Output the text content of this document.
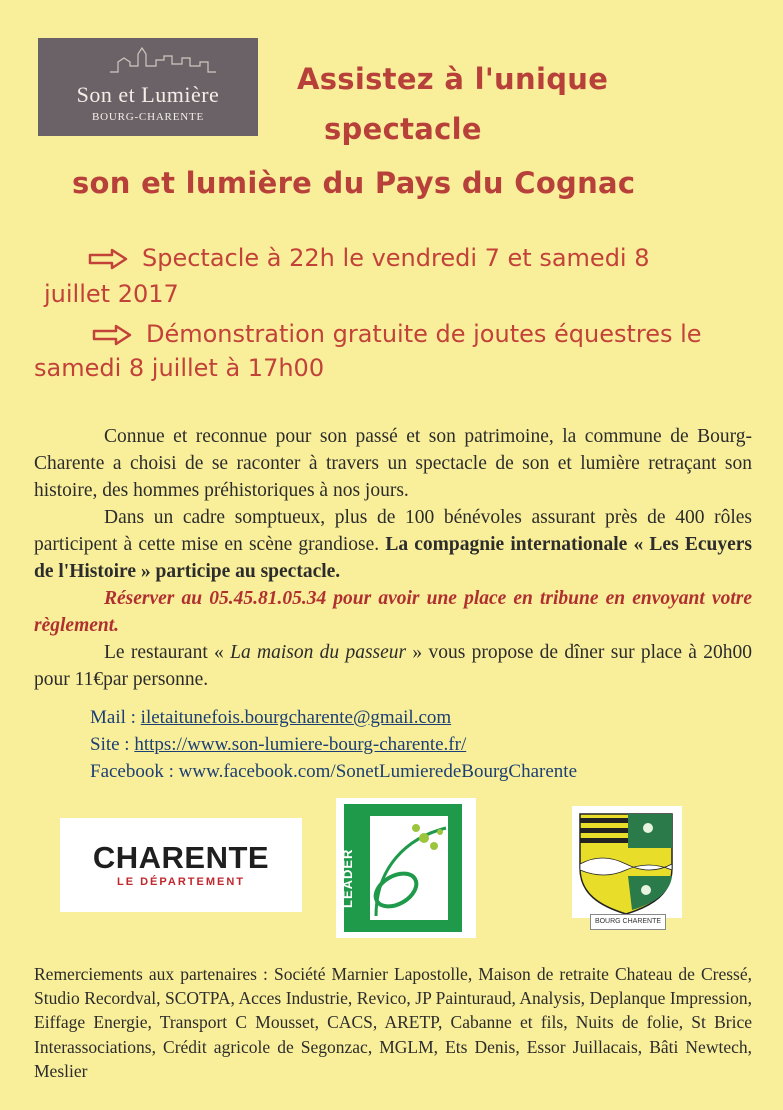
Son et Lumière
BOURG-CHARENTE
Assistez à l'unique
spectacle
son et lumière du Pays du Cognac
Spectacle à 22h le vendredi 7 et samedi 8
juillet 2017
Démonstration gratuite de joutes équestres le
samedi 8 juillet à 17h00

Connue et reconnue pour son passé et son patrimoine, la commune de Bourg-Charente a choisi de se raconter à travers un spectacle de son et lumière retraçant son histoire, des hommes préhistoriques à nos jours.

Dans un cadre somptueux, plus de 100 bénévoles assurant près de 400 rôles participent à cette mise en scène grandiose. La compagnie internationale « Les Ecuyers de l'Histoire » participe au spectacle.

Réserver au 05.45.81.05.34 pour avoir une place en tribune en envoyant votre règlement.

Le restaurant « La maison du passeur » vous propose de dîner sur place à 20h00 pour 11€par personne.

Mail : iletaitunefois.bourgcharente@gmail.com
Site : https://www.son-lumiere-bourg-charente.fr/
Facebook : www.facebook.com/SonetLumieredeBourgCharente
CHARENTE
LE DÉPARTEMENT	LEADER
BOURG CHARENTE
Remerciements aux partenaires : Société Marnier Lapostolle, Maison de retraite Chateau de Cressé, Studio Recordval, SCOTPA, Acces Industrie, Revico, JP Painturaud, Analysis, Deplanque Impression, Eiffage Energie, Transport C Mousset, CACS, ARETP, Cabanne et fils, Nuits de folie, St Brice Interassociations, Crédit agricole de Segonzac, MGLM, Ets Denis, Essor Juillacais, Bâti Newtech, Meslier
